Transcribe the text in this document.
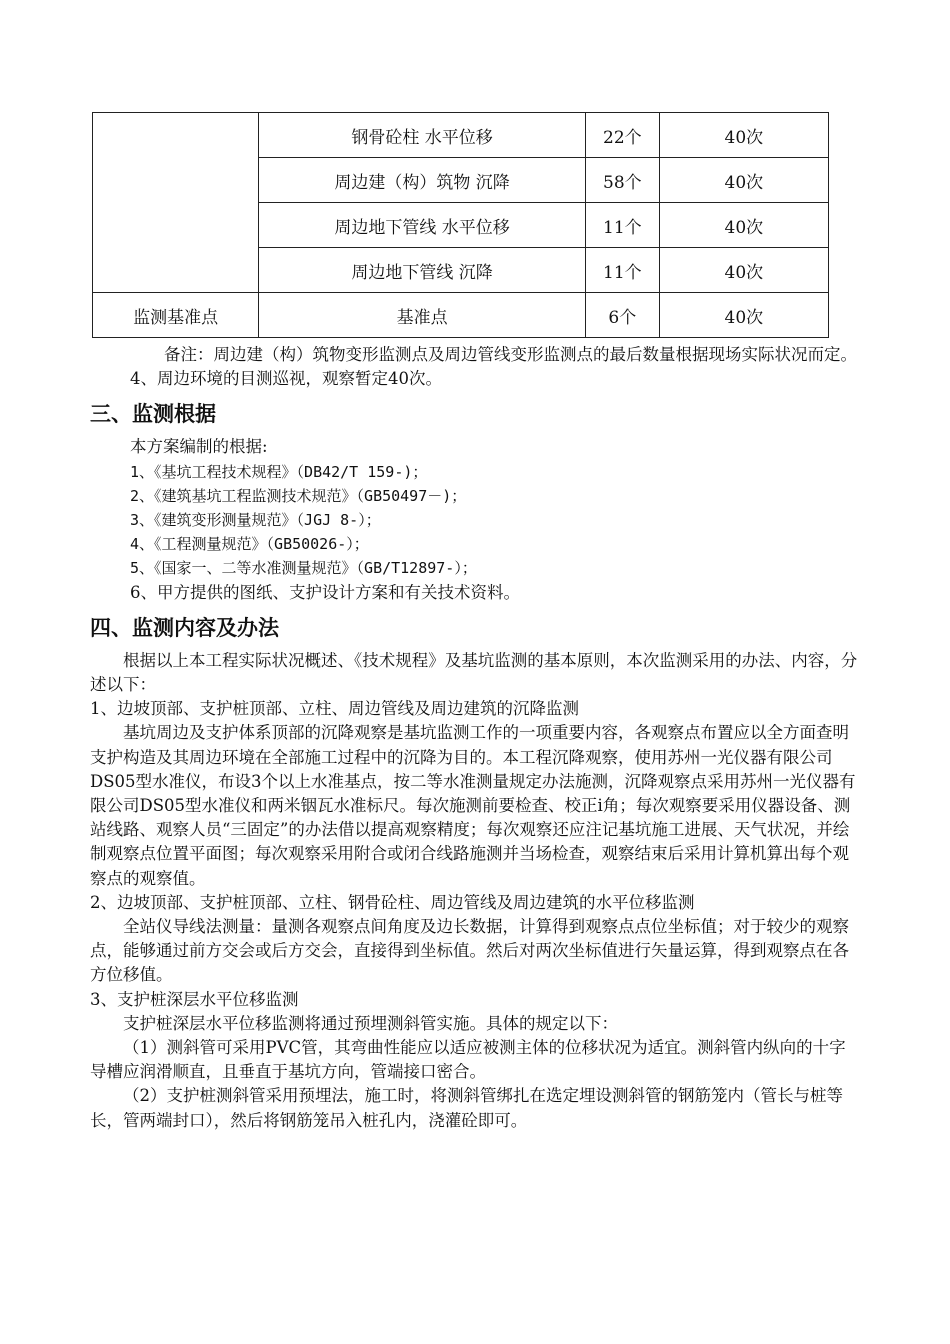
	钢骨砼柱 水平位移	22个	40次
	周边建（构）筑物 沉降	58个	40次
	周边地下管线 水平位移	11个	40次
	周边地下管线 沉降	11个	40次
监测基准点	基准点	6个	40次

备注：周边建（构）筑物变形监测点及周边管线变形监测点的最后数量根据现场实际状况而定。

4、周边环境的目测巡视，观察暂定40次。

三、监测根据

本方案编制的根据:

1、《基坑工程技术规程》（DB42/T 159-)；

2、《建筑基坑工程监测技术规范》（GB50497－)；

3、《建筑变形测量规范》（JGJ 8-）；

4、《工程测量规范》（GB50026-）；

5、《国家一、二等水准测量规范》（GB/T12897-）；

6、甲方提供的图纸、支护设计方案和有关技术资料。

四、监测内容及办法

根据以上本工程实际状况概述、《技术规程》及基坑监测的基本原则，本次监测采用的办法、内容，分述以下：

1、边坡顶部、支护桩顶部、立柱、周边管线及周边建筑的沉降监测

基坑周边及支护体系顶部的沉降观察是基坑监测工作的一项重要内容，各观察点布置应以全方面查明支护构造及其周边环境在全部施工过程中的沉降为目的。本工程沉降观察，使用苏州一光仪器有限公司DS05型水准仪，布设3个以上水准基点，按二等水准测量规定办法施测，沉降观察点采用苏州一光仪器有限公司DS05型水准仪和两米铟瓦水准标尺。每次施测前要检查、校正i角；每次观察要采用仪器设备、测站线路、观察人员“三固定”的办法借以提高观察精度；每次观察还应注记基坑施工进展、天气状况，并绘制观察点位置平面图；每次观察采用附合或闭合线路施测并当场检查，观察结束后采用计算机算出每个观察点的观察值。

2、边坡顶部、支护桩顶部、立柱、钢骨砼柱、周边管线及周边建筑的水平位移监测

全站仪导线法测量：量测各观察点间角度及边长数据，计算得到观察点点位坐标值；对于较少的观察点，能够通过前方交会或后方交会，直接得到坐标值。然后对两次坐标值进行矢量运算，得到观察点在各方位移值。

3、支护桩深层水平位移监测

支护桩深层水平位移监测将通过预埋测斜管实施。具体的规定以下：

（1）测斜管可采用PVC管，其弯曲性能应以适应被测主体的位移状况为适宜。测斜管内纵向的十字导槽应润滑顺直，且垂直于基坑方向，管端接口密合。

（2）支护桩测斜管采用预埋法，施工时，将测斜管绑扎在选定埋设测斜管的钢筋笼内（管长与桩等长，管两端封口），然后将钢筋笼吊入桩孔内，浇灌砼即可。
